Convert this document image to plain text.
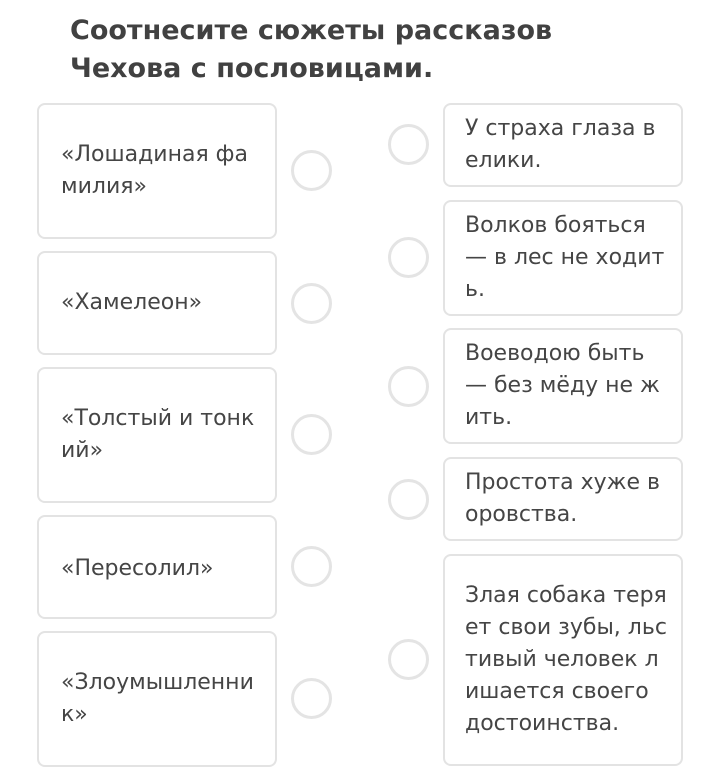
Соотнесите сюжеты рассказов Чехова с пословицами.
«Лошадиная фамилия»
«Хамелеон»
«Толстый и тонкий»
«Пересолил»
«Злоумышленни к»
У страха глаза велики.
Волков бояться — в лес не ходить.
Воеводою быть — без мёду не жить.
Простота хуже воровства.
Злая собака теряет свои зубы, льстивый человек лишается своего достоинства.
